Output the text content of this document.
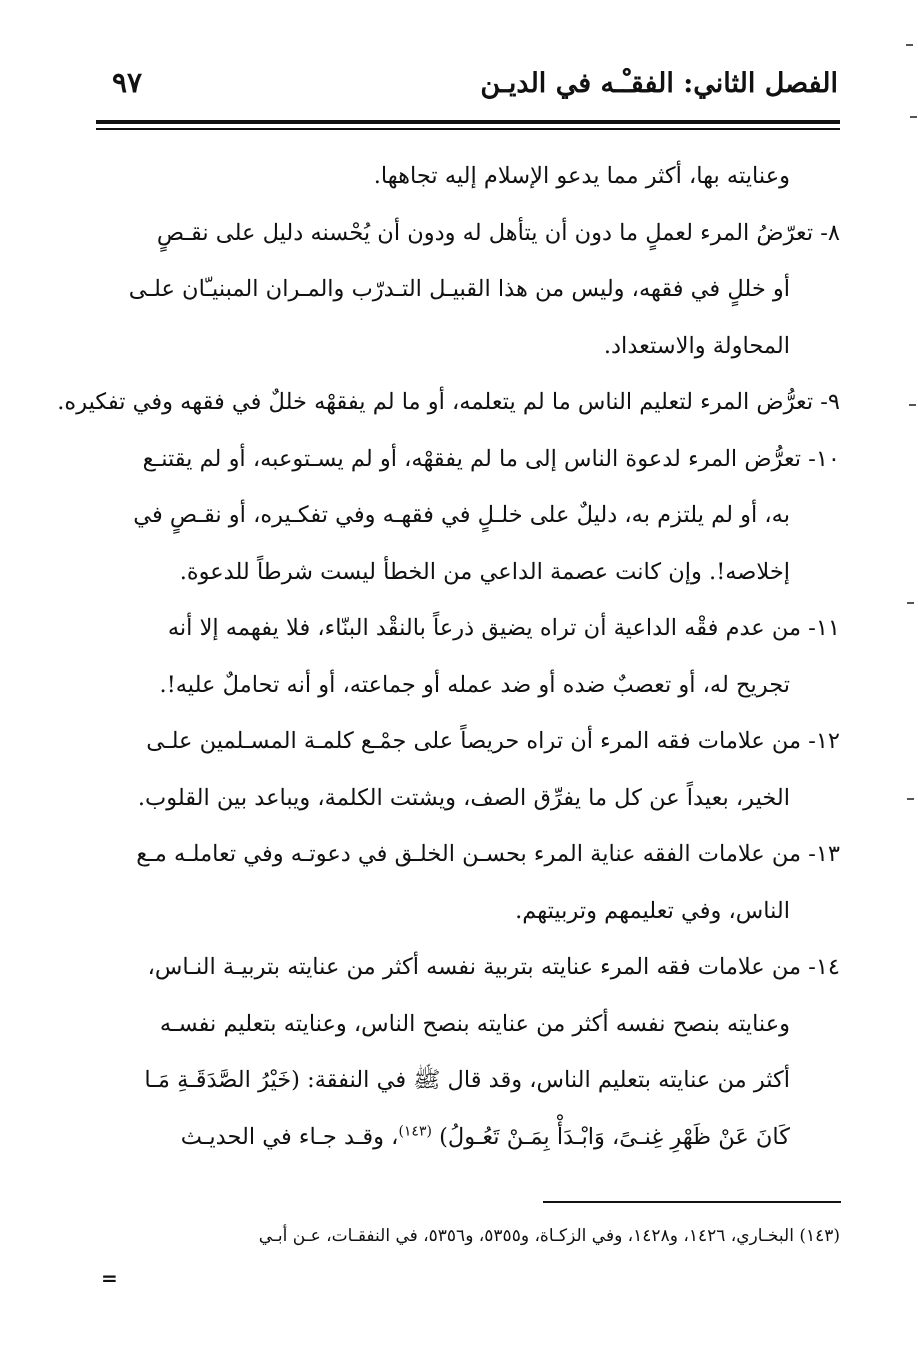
الفصل الثاني: الفقـْـه في الديـن
٩٧
وعنايته بها، أكثر مما يدعو الإسلام إليه تجاهها.
٨- تعرّضُ المرء لعملٍ ما دون أن يتأهل له ودون أن يُحْسنه دليل على نقـصٍ
أو خللٍ في فقهه، وليس من هذا القبيـل التـدرّب والمـران المبنيـّان علـى
المحاولة والاستعداد.
٩- تعرُّض المرء لتعليم الناس ما لم يتعلمه، أو ما لم يفقهْه خللٌ في فقهه وفي تفكيره.
١٠- تعرُّض المرء لدعوة الناس إلى ما لم يفقهْه، أو لم يسـتوعبه، أو لم يقتنـع
به، أو لم يلتزم به، دليلٌ على خلـلٍ في فقهـه وفي تفكـيره، أو نقـصٍ في
إخلاصه!. وإن كانت عصمة الداعي من الخطأ ليست شرطاً للدعوة.
١١- من عدم فقْه الداعية أن تراه يضيق ذرعاً بالنقْد البنّاء، فلا يفهمه إلا أنه
تجريح له، أو تعصبٌ ضده أو ضد عمله أو جماعته، أو أنه تحاملٌ عليه!.
١٢- من علامات فقه المرء أن تراه حريصاً على جمْـع كلمـة المسـلمين علـى
الخير، بعيداً عن كل ما يفرِّق الصف، ويشتت الكلمة، ويباعد بين القلوب.
١٣- من علامات الفقه عناية المرء بحسـن الخلـق في دعوتـه وفي تعاملـه مـع
الناس، وفي تعليمهم وتربيتهم.
١٤- من علامات فقه المرء عنايته بتربية نفسه أكثر من عنايته بتربيـة النـاس،
وعنايته بنصح نفسه أكثر من عنايته بنصح الناس، وعنايته بتعليم نفسـه
أكثر من عنايته بتعليم الناس، وقد قال ﷺ في النفقة: (خَيْرُ الصَّدَقَـةِ مَـا
كَانَ عَنْ ظَهْرِ غِنـىً، وَابْـدَأْ بِمَـنْ تَعُـولُ) $^{(١٤٣)}$، وقـد جـاء في الحديـث
(١٤٣) البخـاري، ١٤٢٦، و١٤٢٨، وفي الزكـاة، و٥٣٥٥، و٥٣٥٦، في النفقـات، عـن أبـي
=
